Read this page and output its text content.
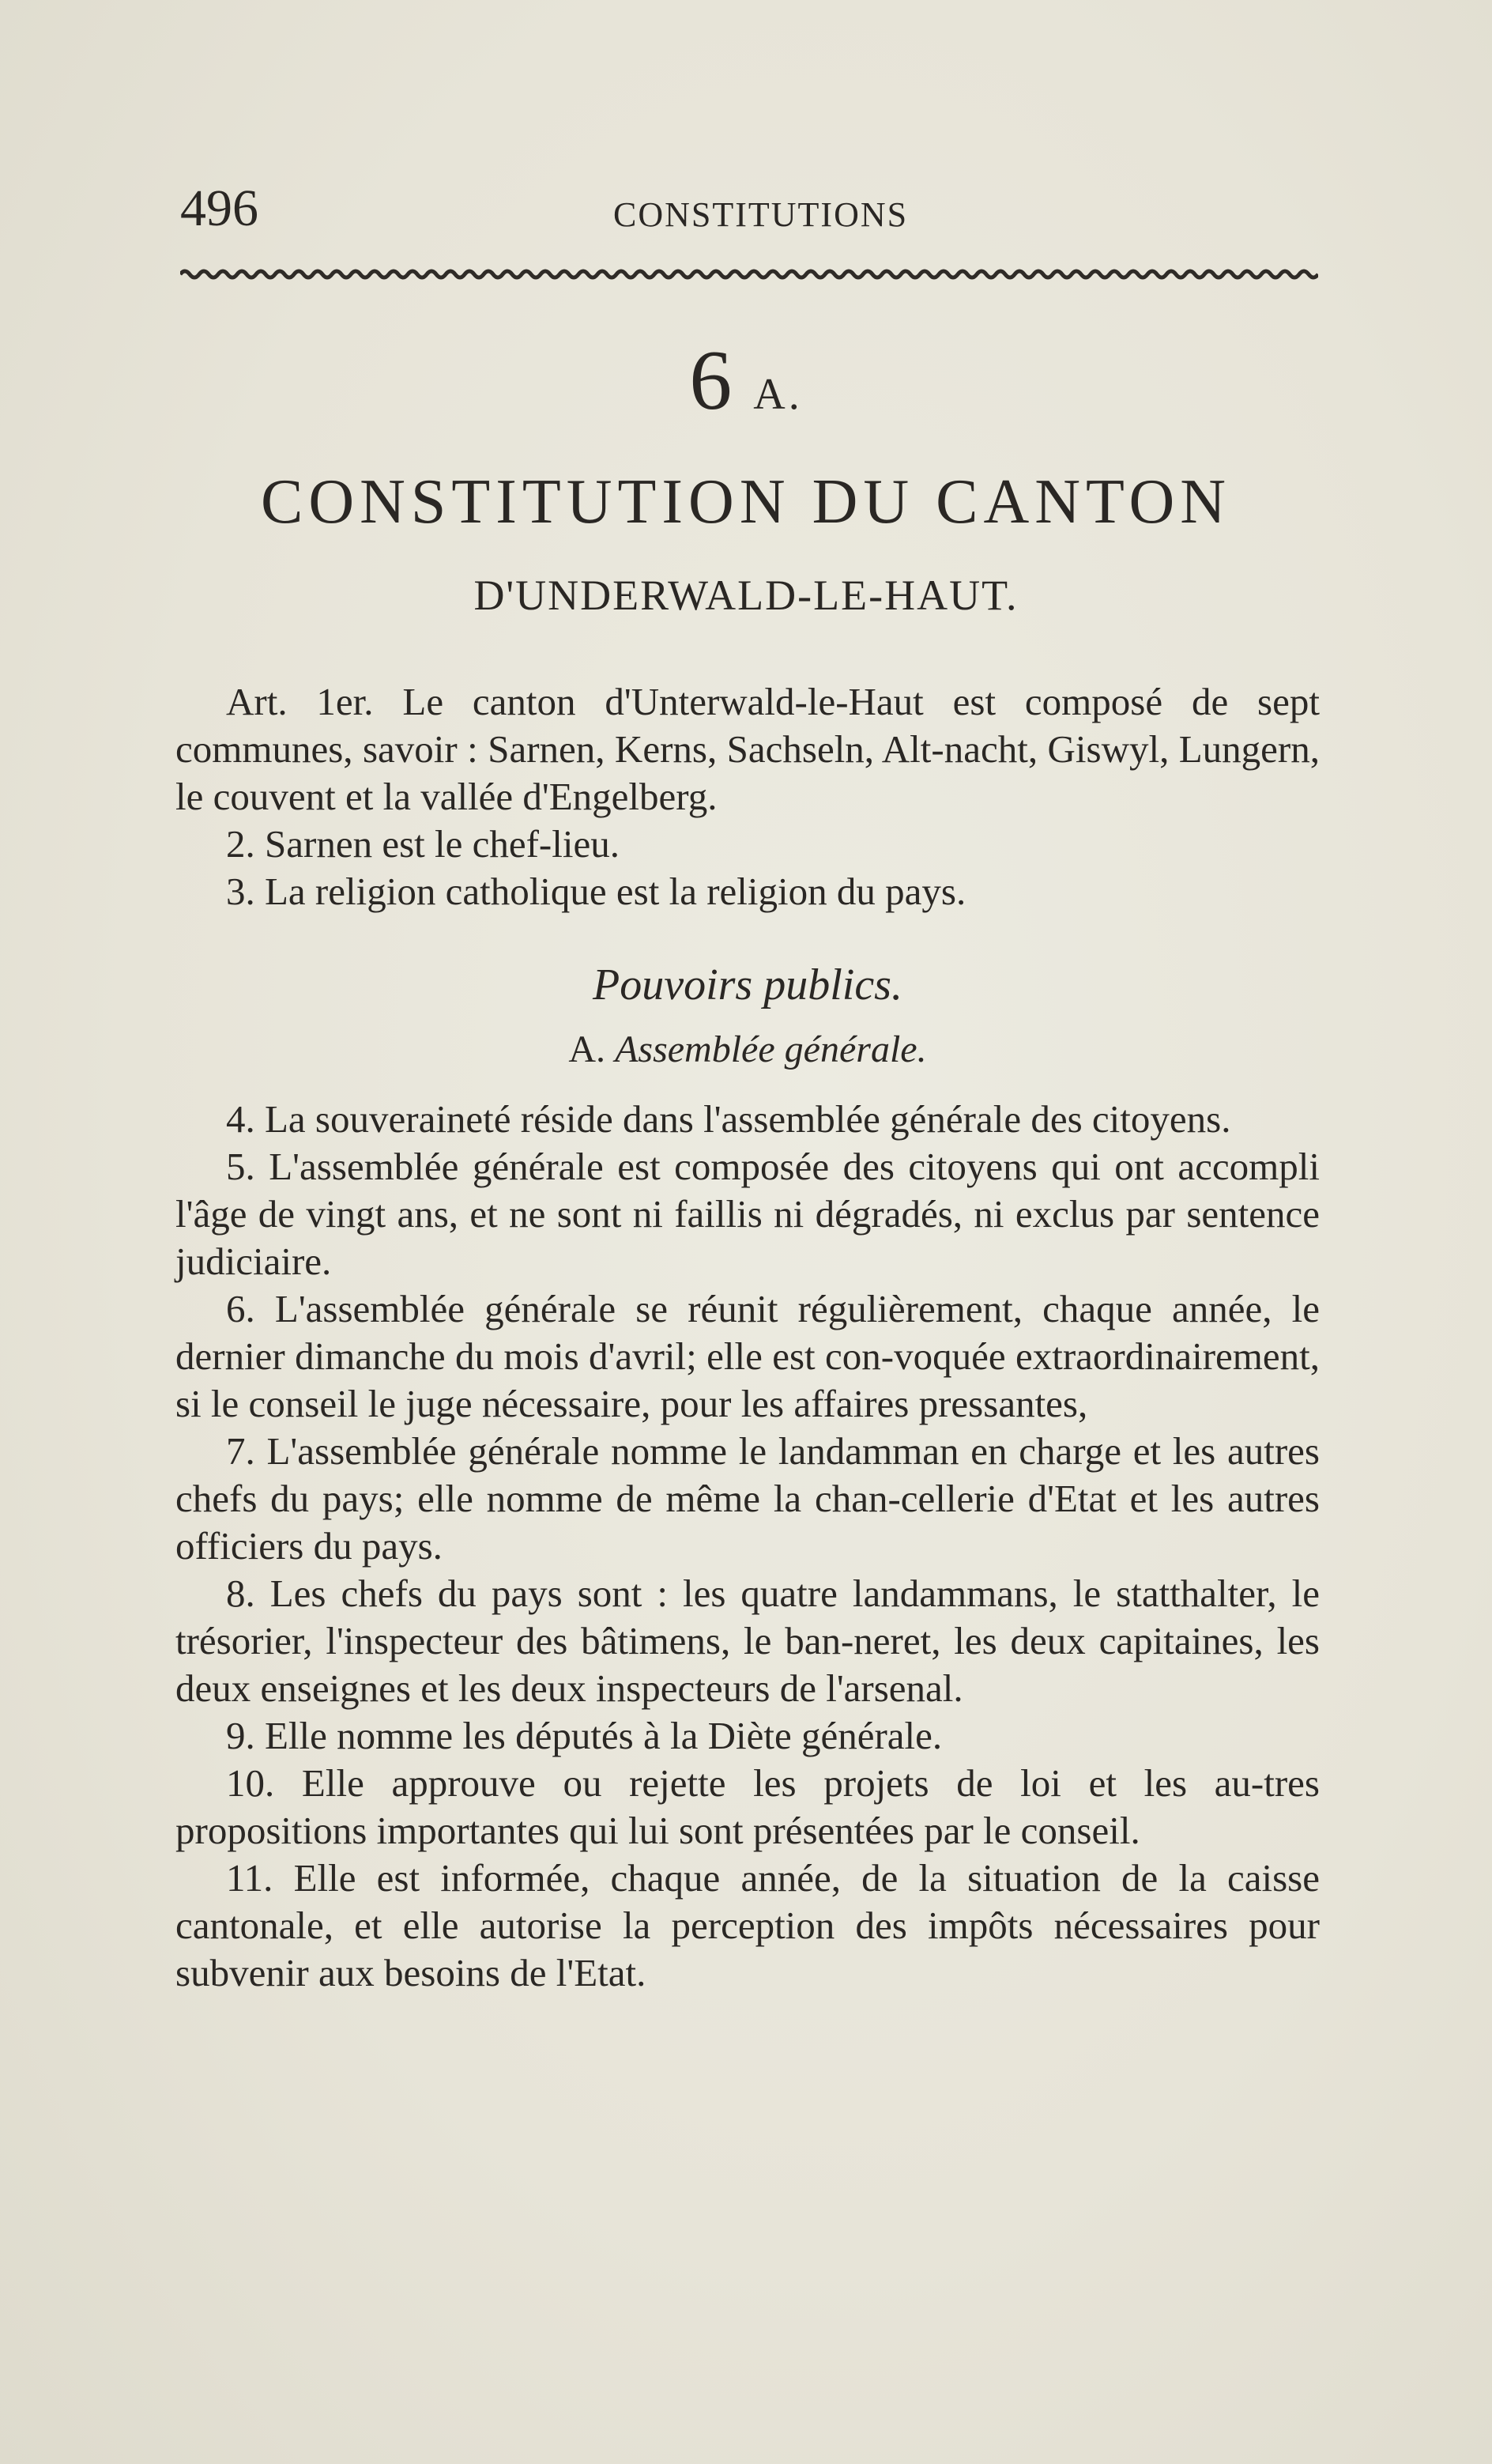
496	CONSTITUTIONS
6 A.
CONSTITUTION DU CANTON
D'UNDERWALD-LE-HAUT.

Art. 1er. Le canton d'Unterwald-le-Haut est composé de sept communes, savoir : Sarnen, Kerns, Sachseln, Alt-nacht, Giswyl, Lungern, le couvent et la vallée d'Engelberg.

2. Sarnen est le chef-lieu.

3. La religion catholique est la religion du pays.

Pouvoirs publics.
A. Assemblée générale.

4. La souveraineté réside dans l'assemblée générale des citoyens.

5. L'assemblée générale est composée des citoyens qui ont accompli l'âge de vingt ans, et ne sont ni faillis ni dégradés, ni exclus par sentence judiciaire.

6. L'assemblée générale se réunit régulièrement, chaque année, le dernier dimanche du mois d'avril; elle est con-voquée extraordinairement, si le conseil le juge nécessaire, pour les affaires pressantes,

7. L'assemblée générale nomme le landamman en charge et les autres chefs du pays; elle nomme de même la chan-cellerie d'Etat et les autres officiers du pays.

8. Les chefs du pays sont : les quatre landammans, le statthalter, le trésorier, l'inspecteur des bâtimens, le ban-neret, les deux capitaines, les deux enseignes et les deux inspecteurs de l'arsenal.

9. Elle nomme les députés à la Diète générale.

10. Elle approuve ou rejette les projets de loi et les au-tres propositions importantes qui lui sont présentées par le conseil.

11. Elle est informée, chaque année, de la situation de la caisse cantonale, et elle autorise la perception des impôts nécessaires pour subvenir aux besoins de l'Etat.
